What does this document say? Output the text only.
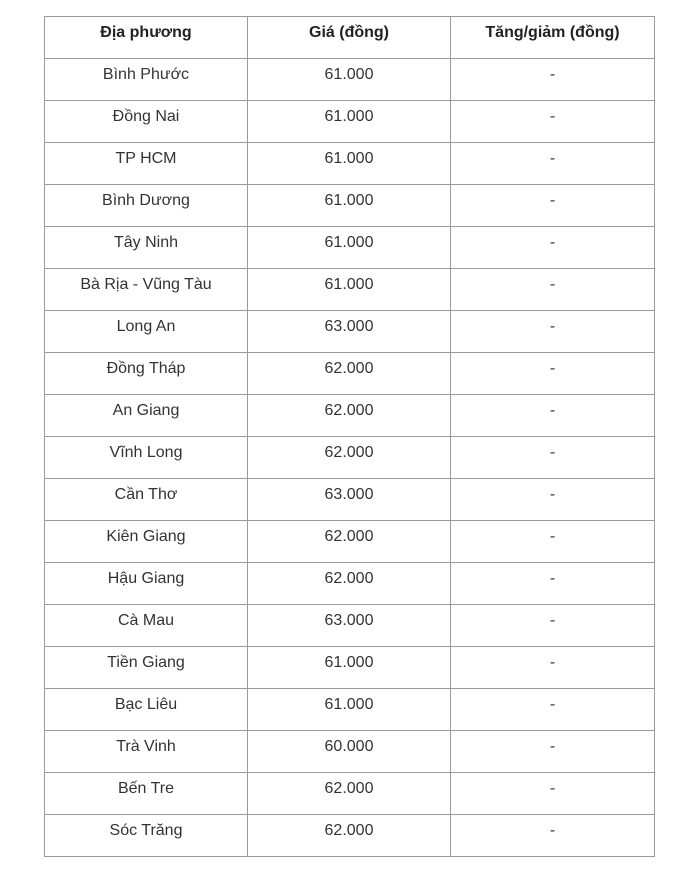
Địa phương	Giá (đồng)	Tăng/giảm (đồng)

Bình Phước	61.000	-

Đồng Nai	61.000	-

TP HCM	61.000	-

Bình Dương	61.000	-

Tây Ninh	61.000	-

Bà Rịa - Vũng Tàu	61.000	-

Long An	63.000	-

Đồng Tháp	62.000	-

An Giang	62.000	-

Vĩnh Long	62.000	-

Cần Thơ	63.000	-

Kiên Giang	62.000	-

Hậu Giang	62.000	-

Cà Mau	63.000	-

Tiền Giang	61.000	-

Bạc Liêu	61.000	-

Trà Vinh	60.000	-

Bến Tre	62.000	-

Sóc Trăng	62.000	-
